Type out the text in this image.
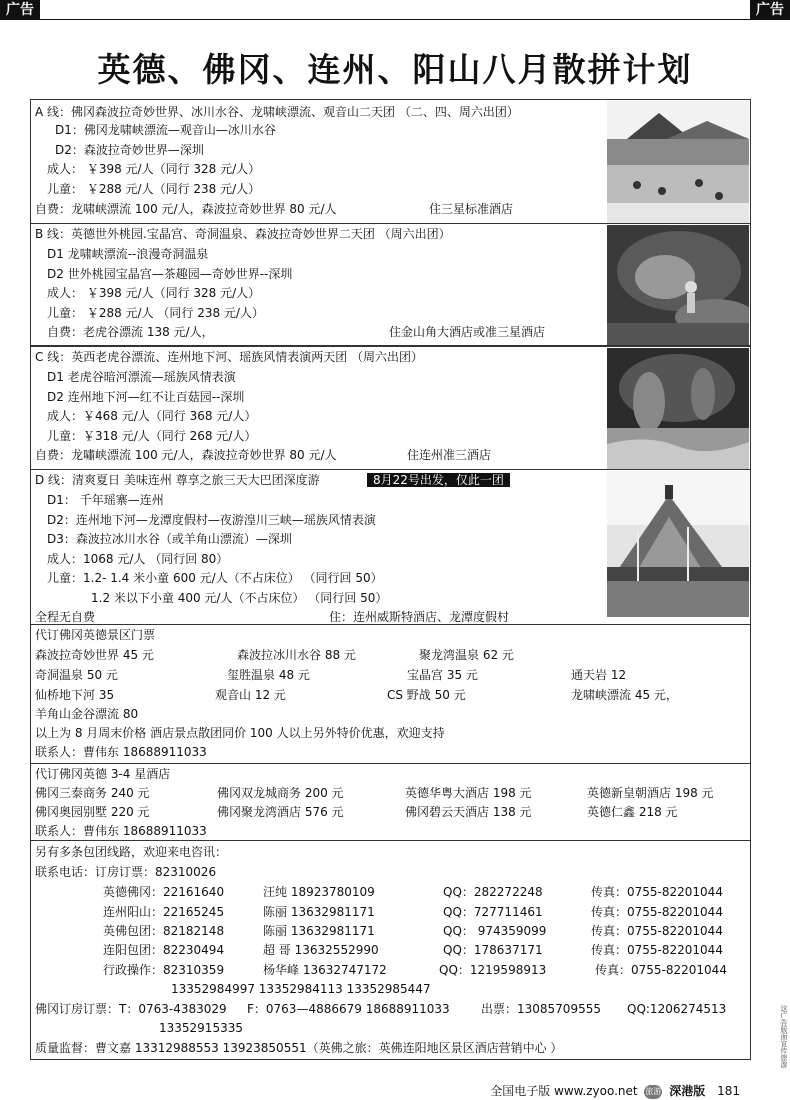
广告	广告
英德、佛冈、连州、阳山八月散拼计划
A 线：佛冈森波拉奇妙世界、冰川水谷、龙啸峡漂流、观音山二天团 （二、四、周六出团）
D1：佛冈龙啸峡漂流—观音山—冰川水谷
D2：森波拉奇妙世界—深圳
成人： ￥398 元/人（同行 328 元/人）
儿童： ￥288 元/人（同行 238 元/人）
自费：龙啸峡漂流 100 元/人，森波拉奇妙世界 80 元/人	住三星标准酒店
B 线：英德世外桃园.宝晶宫、奇洞温泉、森波拉奇妙世界二天团 （周六出团）
D1 龙啸峡漂流--浪漫奇洞温泉
D2 世外桃园宝晶宫—茶趣园—奇妙世界--深圳
成人： ￥398 元/人（同行 328 元/人）
儿童： ￥288 元/人 （同行 238 元/人）
自费：老虎谷漂流 138 元/人，	住金山角大酒店或准三星酒店
C 线：英西老虎谷漂流、连州地下河、瑶族风情表演两天团 （周六出团）
D1 老虎谷暗河漂流—瑶族风情表演
D2 连州地下河—红不让百菇园--深圳
成人：￥468 元/人（同行 368 元/人）
儿童：￥318 元/人（同行 268 元/人）
自费：龙嘯峡漂流 100 元/人，森波拉奇妙世界 80 元/人	住连州准三酒店
D 线：清爽夏日 美味连州 尊享之旅三天大巴团深度游	8月22号出发，仅此一团
D1： 千年瑶寨—连州
D2：连州地下河—龙潭度假村—夜游湟川三峡—瑶族风情表演
D3：森波拉冰川水谷（或羊角山漂流）—深圳
成人：1068 元/人 （同行回 80）
儿童：1.2- 1.4 米小童 600 元/人（不占床位） （同行回 50）
1.2 米以下小童 400 元/人（不占床位） （同行回 50）
全程无自费	住：连州威斯特酒店、龙潭度假村
代订佛冈英德景区门票
森波拉奇妙世界 45 元	森波拉冰川水谷 88 元	聚龙湾温泉 62 元
奇洞温泉 50 元	玺胜温泉 48 元	宝晶宫 35 元	通天岩 12
仙桥地下河 35	观音山 12 元	CS 野战 50 元	龙啸峡漂流 45 元，
羊角山金谷漂流 80
以上为 8 月周末价格 酒店景点散团同价 100 人以上另外特价优惠，欢迎支持
联系人：曹伟东 18688911033
代订佛冈英德 3-4 星酒店
佛冈三泰商务 240 元	佛冈双龙城商务 200 元	英德华粤大酒店 198 元	英德新皇朝酒店 198 元
佛冈奥园别墅 220 元	佛冈聚龙湾酒店 576 元	佛冈碧云天酒店 138 元	英德仁鑫 218 元
联系人：曹伟东 18688911033
另有多条包团线路，欢迎来电咨讯：
联系电话：订房订票：82310026
英德佛冈：22161640	汪纯 18923780109	QQ：282272248	传真：0755-82201044
连州阳山：22165245	陈丽 13632981171	QQ：727711461	传真：0755-82201044
英佛包团：82182148	陈丽 13632981171	QQ： 974359099	传真：0755-82201044
连阳包团：82230494	超 哥 13632552990	QQ：178637171	传真：0755-82201044
行政操作：82310359	杨华峰 13632747172	QQ：1219598913	传真：0755-82201044
13352984997 13352984113 13352985447
佛冈订房订票：T：0763-4383029 F：0763—4886679 18688911033	出票：13085709555 QQ:1206274513
13352915335
质量监督：曹文嘉 13312988553 13923850551（英佛之旅：英佛连阳地区景区酒店营销中心 ）	这广告版面宣传旅游
全国电子版 www.zyoo.net 旅游 深港版 181
